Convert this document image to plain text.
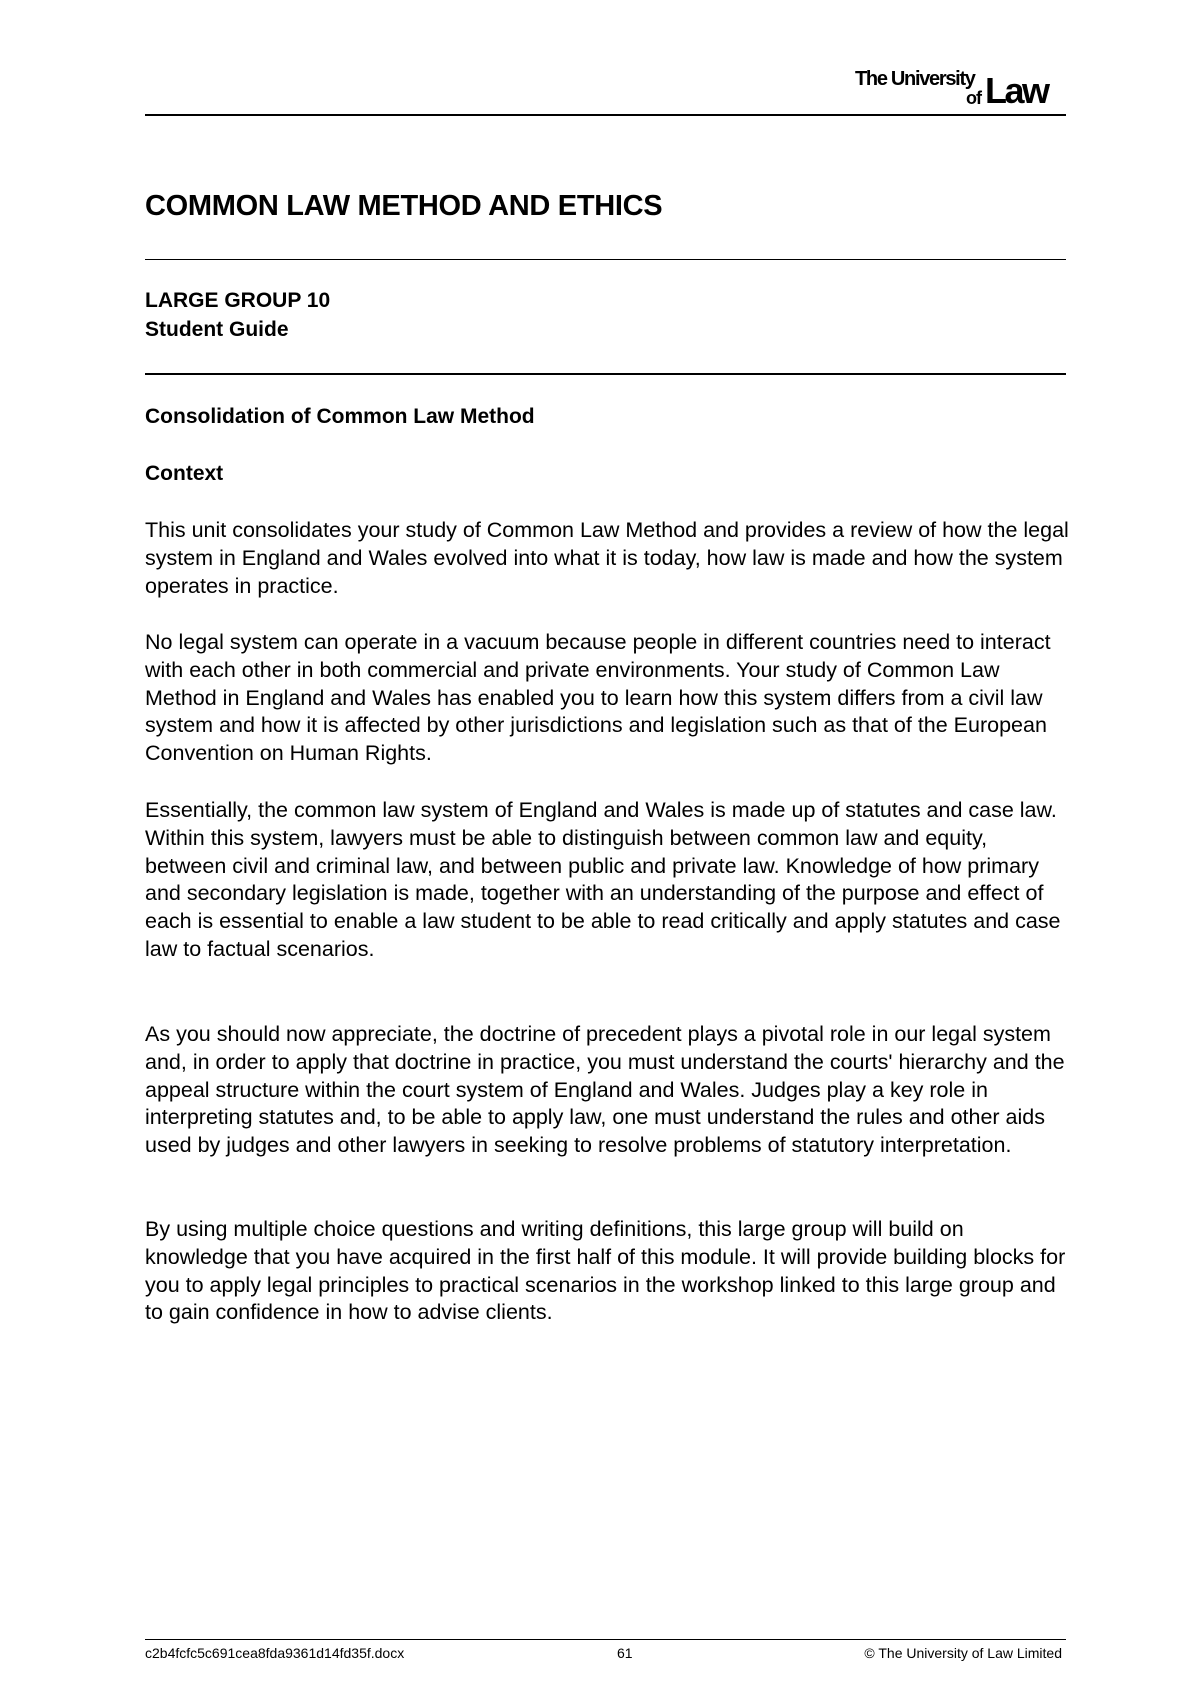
The University
of Law
COMMON LAW METHOD AND ETHICS

LARGE GROUP 10

Student Guide

Consolidation of Common Law Method
Context

This unit consolidates your study of Common Law Method and provides a review of how the legal system in England and Wales evolved into what it is today, how law is made and how the system operates in practice.

No legal system can operate in a vacuum because people in different countries need to interact with each other in both commercial and private environments. Your study of Common Law Method in England and Wales has enabled you to learn how this system differs from a civil law system and how it is affected by other jurisdictions and legislation such as that of the European Convention on Human Rights.

Essentially, the common law system of England and Wales is made up of statutes and case law. Within this system, lawyers must be able to distinguish between common law and equity, between civil and criminal law, and between public and private law. Knowledge of how primary and secondary legislation is made, together with an understanding of the purpose and effect of each is essential to enable a law student to be able to read critically and apply statutes and case law to factual scenarios.

As you should now appreciate, the doctrine of precedent plays a pivotal role in our legal system and, in order to apply that doctrine in practice, you must understand the courts' hierarchy and the appeal structure within the court system of England and Wales. Judges play a key role in interpreting statutes and, to be able to apply law, one must understand the rules and other aids used by judges and other lawyers in seeking to resolve problems of statutory interpretation.

By using multiple choice questions and writing definitions, this large group will build on knowledge that you have acquired in the first half of this module. It will provide building blocks for you to apply legal principles to practical scenarios in the workshop linked to this large group and to gain confidence in how to advise clients.

c2b4fcfc5c691cea8fda9361d14fd35f.docx	61	© The University of Law Limited
